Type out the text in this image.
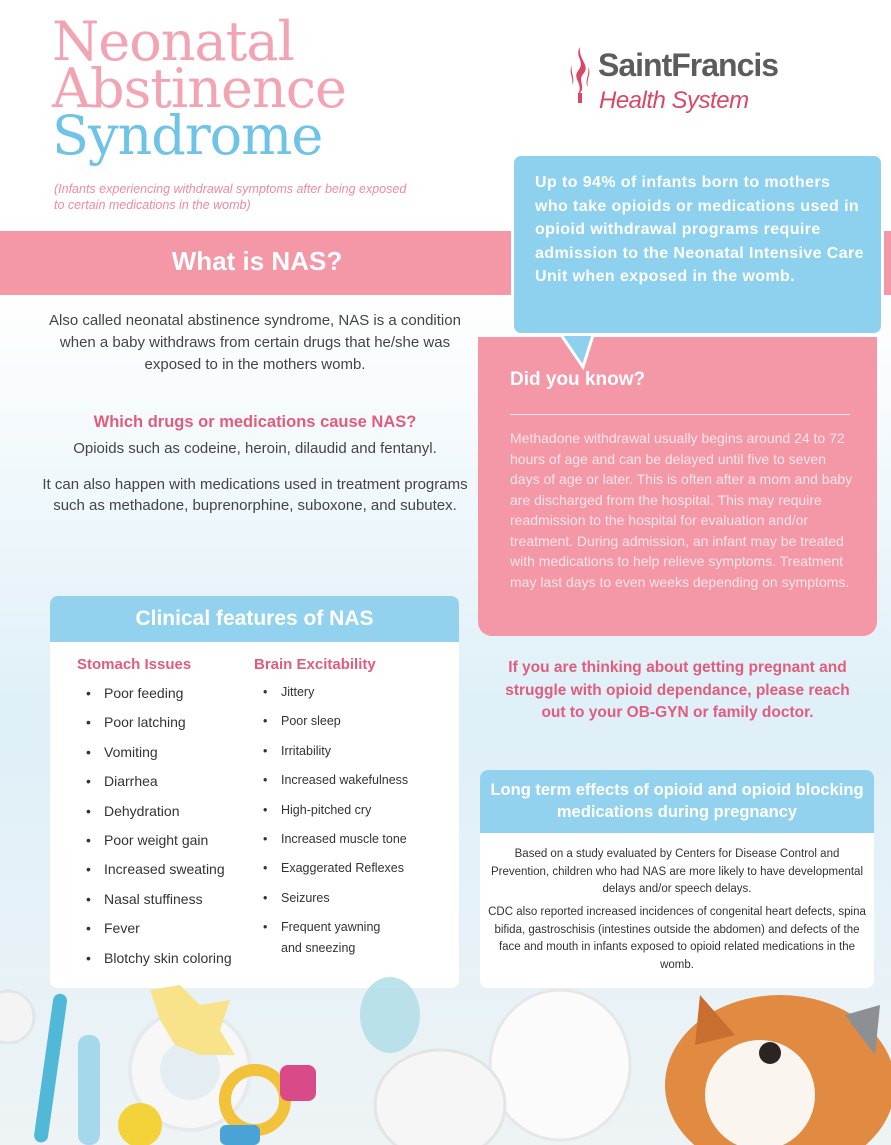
Neonatal
Abstinence
Syndrome
(Infants experiencing withdrawal symptoms after being exposed to certain medications in the womb)
SaintFrancis
Health System
What is NAS?
Did you know?
Methadone withdrawal usually begins around 24 to 72 hours of age and can be delayed until five to seven days of age or later. This is often after a mom and baby are discharged from the hospital. This may require readmission to the hospital for evaluation and/or treatment. During admission, an infant may be treated with medications to help relieve symptoms. Treatment may last days to even weeks depending on symptoms.
Up to 94% of infants born to mothers who take opioids or medications used in opioid withdrawal programs require admission to the Neonatal Intensive Care Unit when exposed in the womb.
Also called neonatal abstinence syndrome, NAS is a condition when a baby withdraws from certain drugs that he/she was exposed to in the mothers womb.
Which drugs or medications cause NAS?
Opioids such as codeine, heroin, dilaudid and fentanyl.
It can also happen with medications used in treatment programs such as methadone, buprenorphine, suboxone, and subutex.
Clinical features of NAS
Stomach Issues	Brain Excitability
• Poor feeding
• Poor latching
• Vomiting
• Diarrhea
• Dehydration
• Poor weight gain
• Increased sweating
• Nasal stuffiness
• Fever
• Blotchy skin coloring
• Jittery
• Poor sleep
• Irritability
• Increased wakefulness
• High-pitched cry
• Increased muscle tone
• Exaggerated Reflexes
• Seizures
• Frequent yawning
and sneezing
If you are thinking about getting pregnant and struggle with opioid dependance, please reach out to your OB-GYN or family doctor.
Long term effects of opioid and opioid blocking medications during pregnancy
Based on a study evaluated by Centers for Disease Control and Prevention, children who had NAS are more likely to have developmental delays and/or speech delays.
CDC also reported increased incidences of congenital heart defects, spina bifida, gastroschisis (intestines outside the abdomen) and defects of the face and mouth in infants exposed to opioid related medications in the womb.
